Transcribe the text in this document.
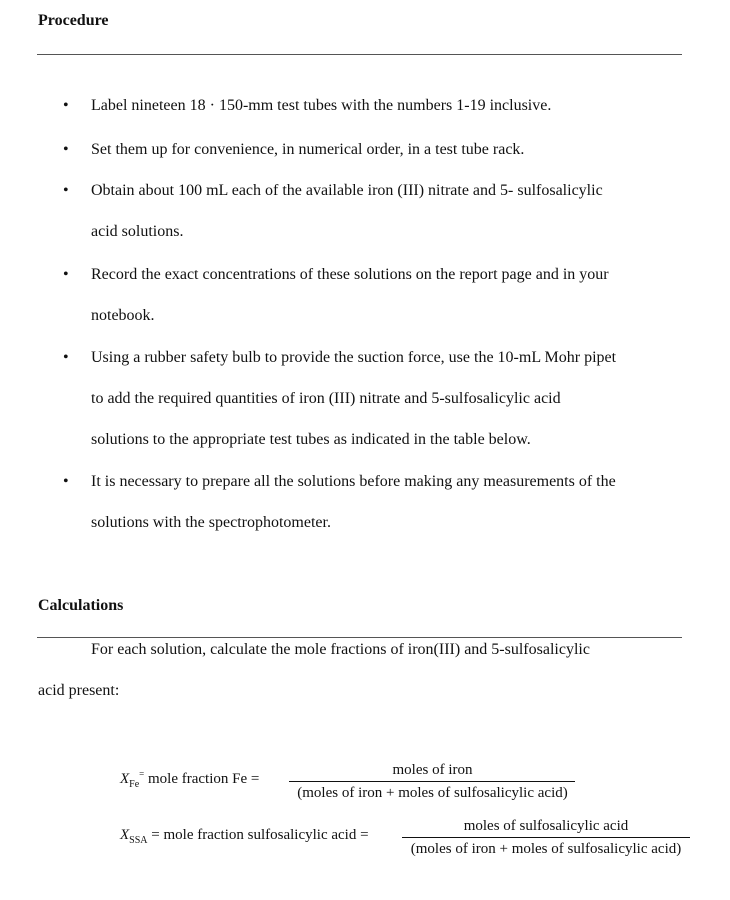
Procedure
• Label nineteen 18 · 150-mm test tubes with the numbers 1-19 inclusive.
• Set them up for convenience, in numerical order, in a test tube rack.
• Obtain about 100 mL each of the available iron (III) nitrate and 5- sulfosalicylic
acid solutions.
• Record the exact concentrations of these solutions on the report page and in your
notebook.
• Using a rubber safety bulb to provide the suction force, use the 10-mL Mohr pipet
to add the required quantities of iron (III) nitrate and 5-sulfosalicylic acid
solutions to the appropriate test tubes as indicated in the table below.
• It is necessary to prepare all the solutions before making any measurements of the
solutions with the spectrophotometer.
Calculations
For each solution, calculate the mole fractions of iron(III) and 5-sulfosalicylic
acid present:
$X_{Fe}^=$ mole fraction Fe =
moles of iron
(moles of iron + moles of sulfosalicylic acid)
$X_{SSA}$ = mole fraction sulfosalicylic acid =
moles of sulfosalicylic acid
(moles of iron + moles of sulfosalicylic acid)
